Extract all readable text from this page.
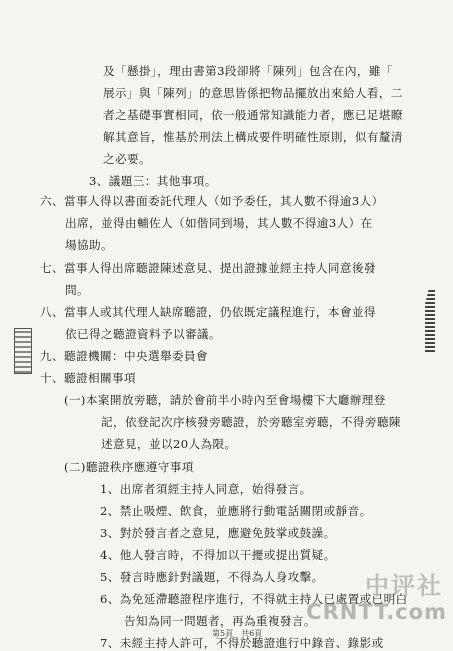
及「懸掛」，理由書第3段卻將「陳列」包含在內，雖「
展示」與「陳列」的意思皆係把物品擺放出來給人看，二
者之基礎事實相同，依一般通常知識能力者，應已足堪瞭
解其意旨，惟基於刑法上構成要件明確性原則，似有釐清
之必要。
3、議題三：其他事項。
六、當事人得以書面委託代理人（如予委任，其人數不得逾3人）
出席，並得由輔佐人（如偕同到場，其人數不得逾3人）在
場協助。
七、當事人得出席聽證陳述意見、提出證據並經主持人同意後發
問。
八、當事人或其代理人缺席聽證，仍依既定議程進行，本會並得
依已得之聽證資料予以審議。
九、聽證機關：中央選舉委員會
十、聽證相關事項
(一)本案開放旁聽，請於會前半小時內至會場樓下大廳辦理登
記，依登記次序核發旁聽證，於旁聽室旁聽，不得旁聽陳
述意見，並以20人為限。
(二)聽證秩序應遵守事項
1、出席者須經主持人同意，始得發言。
2、禁止吸煙、飲食，並應將行動電話關閉或靜音。
3、對於發言者之意見，應避免鼓掌或鼓譟。
4、他人發言時，不得加以干擾或提出質疑。
5、發言時應針對議題，不得為人身攻擊。
6、為免延滯聽證程序進行，不得就主持人已處置或已明白
告知為同一問題者，再為重複發言。
7、未經主持人許可，不得於聽證進行中錄音、錄影或
第5頁　共6頁
中评社
CRNTT.com
